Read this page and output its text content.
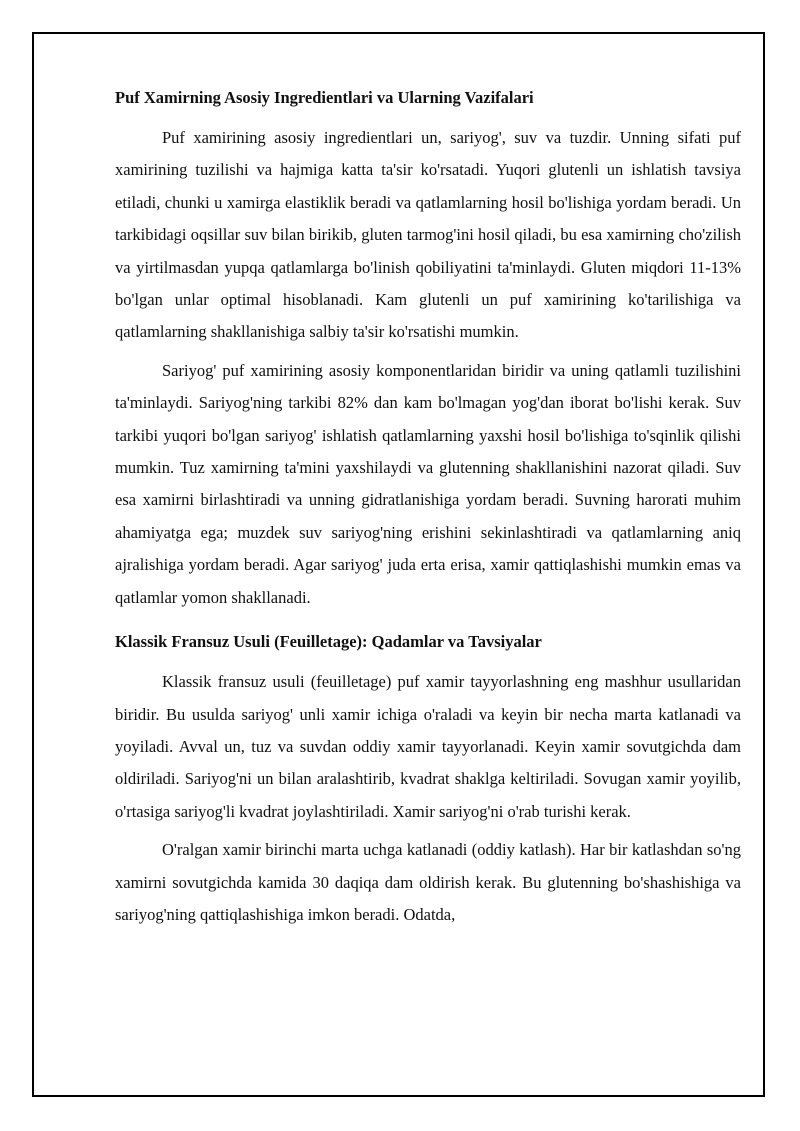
Puf Xamirning Asosiy Ingredientlari va Ularning Vazifalari

Puf xamirining asosiy ingredientlari un, sariyog', suv va tuzdir. Unning sifati puf xamirining tuzilishi va hajmiga katta ta'sir ko'rsatadi. Yuqori glutenli un ishlatish tavsiya etiladi, chunki u xamirga elastiklik beradi va qatlamlarning hosil bo'lishiga yordam beradi. Un tarkibidagi oqsillar suv bilan birikib, gluten tarmog'ini hosil qiladi, bu esa xamirning cho'zilish va yirtilmasdan yupqa qatlamlarga bo'linish qobiliyatini ta'minlaydi. Gluten miqdori 11-13% bo'lgan unlar optimal hisoblanadi. Kam glutenli un puf xamirining ko'tarilishiga va qatlamlarning shakllanishiga salbiy ta'sir ko'rsatishi mumkin.

Sariyog' puf xamirining asosiy komponentlaridan biridir va uning qatlamli tuzilishini ta'minlaydi. Sariyog'ning tarkibi 82% dan kam bo'lmagan yog'dan iborat bo'lishi kerak. Suv tarkibi yuqori bo'lgan sariyog' ishlatish qatlamlarning yaxshi hosil bo'lishiga to'sqinlik qilishi mumkin. Tuz xamirning ta'mini yaxshilaydi va glutenning shakllanishini nazorat qiladi. Suv esa xamirni birlashtiradi va unning gidratlanishiga yordam beradi. Suvning harorati muhim ahamiyatga ega; muzdek suv sariyog'ning erishini sekinlashtiradi va qatlamlarning aniq ajralishiga yordam beradi. Agar sariyog' juda erta erisa, xamir qattiqlashishi mumkin emas va qatlamlar yomon shakllanadi.

Klassik Fransuz Usuli (Feuilletage): Qadamlar va Tavsiyalar

Klassik fransuz usuli (feuilletage) puf xamir tayyorlashning eng mashhur usullaridan biridir. Bu usulda sariyog' unli xamir ichiga o'raladi va keyin bir necha marta katlanadi va yoyiladi. Avval un, tuz va suvdan oddiy xamir tayyorlanadi. Keyin xamir sovutgichda dam oldiriladi. Sariyog'ni un bilan aralashtirib, kvadrat shaklga keltiriladi. Sovugan xamir yoyilib, o'rtasiga sariyog'li kvadrat joylashtiriladi. Xamir sariyog'ni o'rab turishi kerak.

O'ralgan xamir birinchi marta uchga katlanadi (oddiy katlash). Har bir katlashdan so'ng xamirni sovutgichda kamida 30 daqiqa dam oldirish kerak. Bu glutenning bo'shashishiga va sariyog'ning qattiqlashishiga imkon beradi. Odatda,
